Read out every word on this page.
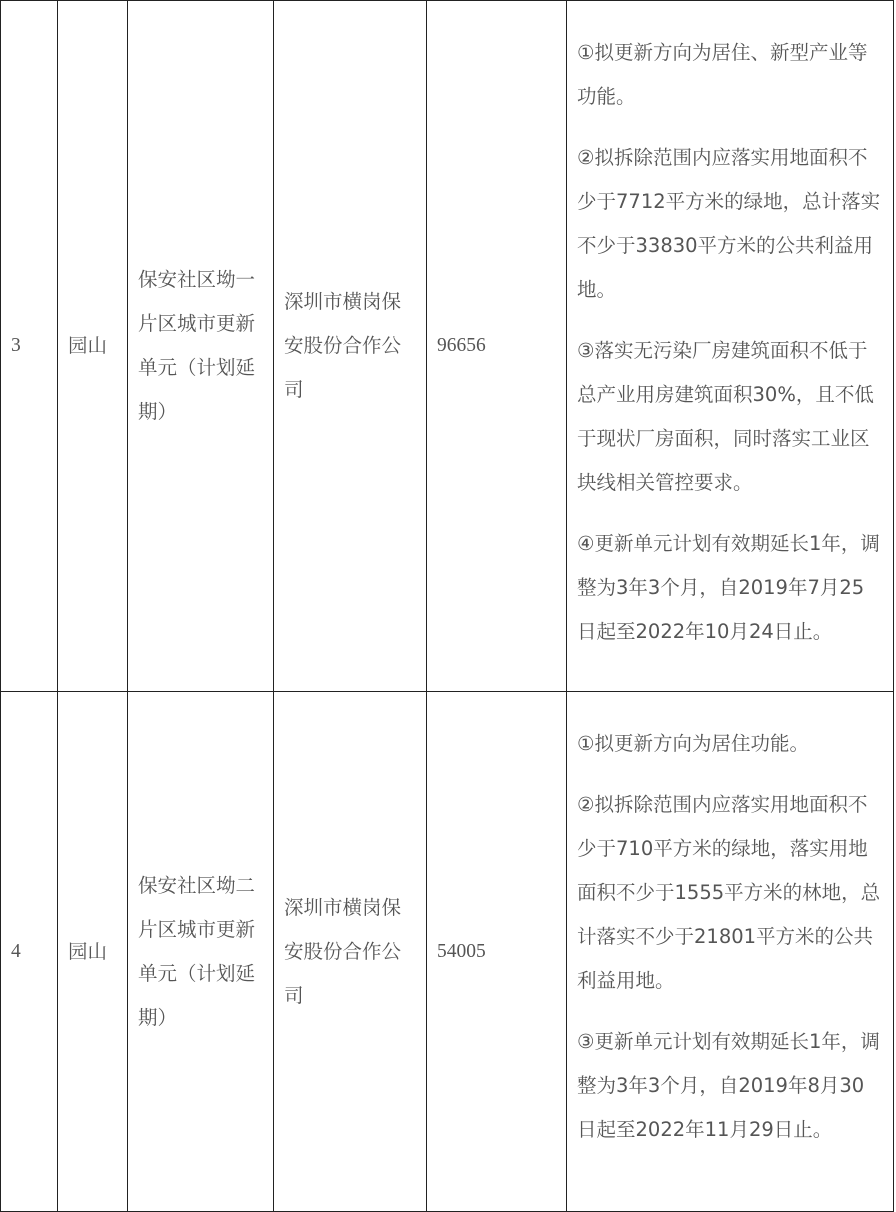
3	园山	保安社区坳一片区城市更新单元（计划延期）	深圳市横岗保安股份合作公司	96656	①拟更新方向为居住、新型产业等功能。

②拟拆除范围内应落实用地面积不少于7712平方米的绿地，总计落实不少于33830平方米的公共利益用地。

③落实无污染厂房建筑面积不低于总产业用房建筑面积30%，且不低于现状厂房面积，同时落实工业区块线相关管控要求。

④更新单元计划有效期延长1年，调整为3年3个月，自2019年7月25日起至2022年10月24日止。

4	园山	保安社区坳二片区城市更新单元（计划延期）	深圳市横岗保安股份合作公司	54005	①拟更新方向为居住功能。

②拟拆除范围内应落实用地面积不少于710平方米的绿地，落实用地面积不少于1555平方米的林地，总计落实不少于21801平方米的公共利益用地。

③更新单元计划有效期延长1年，调整为3年3个月，自2019年8月30日起至2022年11月29日止。
